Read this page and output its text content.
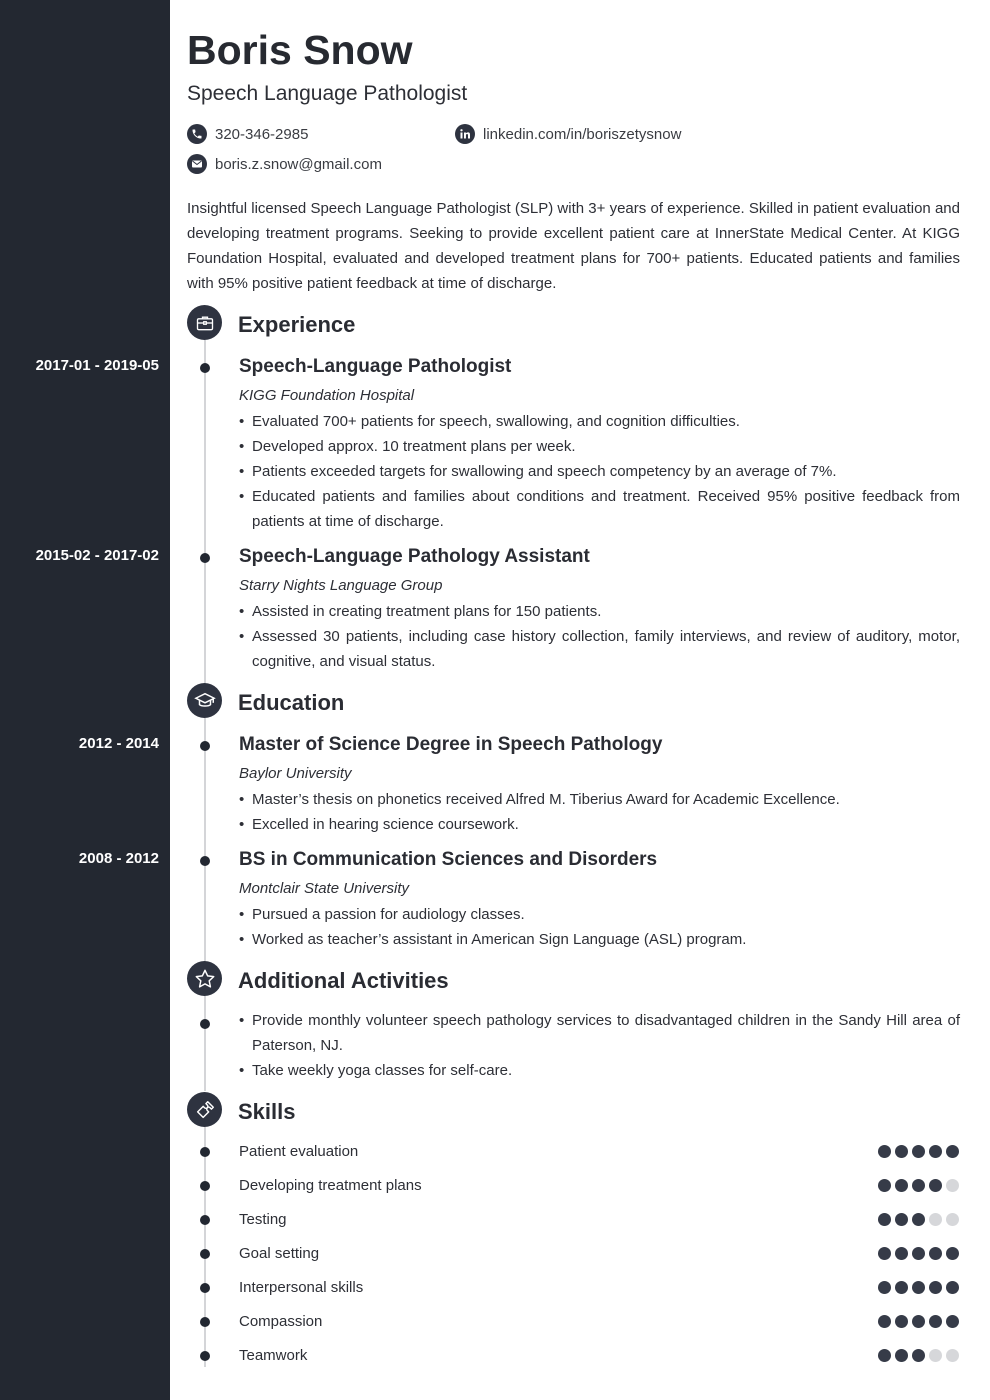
Boris Snow
Speech Language Pathologist
320-346-2985	linkedin.com/in/boriszetysnow
boris.z.snow@gmail.com

Insightful licensed Speech Language Pathologist (SLP) with 3+ years of experience. Skilled in patient evaluation and developing treatment programs. Seeking to provide excellent patient care at InnerState Medical Center. At KIGG Foundation Hospital, evaluated and developed treatment plans for 700+ patients. Educated patients and families with 95% positive patient feedback at time of discharge.

Experience
2017-01 - 2019-05	Speech-Language Pathologist
KIGG Foundation Hospital
• Evaluated 700+ patients for speech, swallowing, and cognition difficulties.
• Developed approx. 10 treatment plans per week.
• Patients exceeded targets for swallowing and speech competency by an average of 7%.
• Educated patients and families about conditions and treatment. Received 95% positive feedback from patients at time of discharge.
2015-02 - 2017-02	Speech-Language Pathology Assistant
Starry Nights Language Group
• Assisted in creating treatment plans for 150 patients.
• Assessed 30 patients, including case history collection, family interviews, and review of auditory, motor, cognitive, and visual status.
Education
2012 - 2014	Master of Science Degree in Speech Pathology
Baylor University
• Master’s thesis on phonetics received Alfred M. Tiberius Award for Academic Excellence.
• Excelled in hearing science coursework.
2008 - 2012	BS in Communication Sciences and Disorders
Montclair State University
• Pursued a passion for audiology classes.
• Worked as teacher’s assistant in American Sign Language (ASL) program.
Additional Activities
• Provide monthly volunteer speech pathology services to disadvantaged children in the Sandy Hill area of Paterson, NJ.
• Take weekly yoga classes for self-care.
Skills
Patient evaluation
Developing treatment plans
Testing
Goal setting
Interpersonal skills
Compassion
Teamwork
